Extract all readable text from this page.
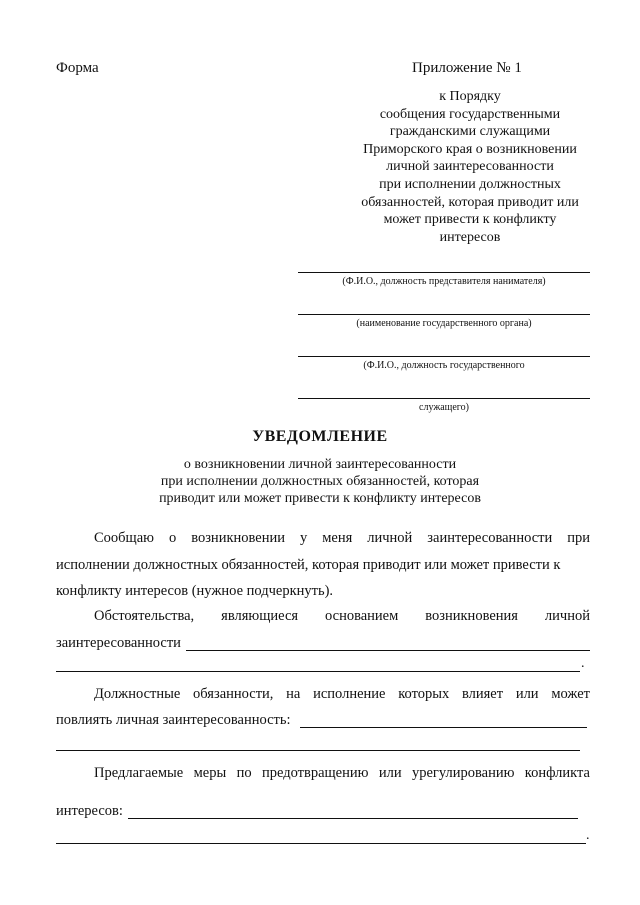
Форма	Приложение № 1
к Порядку
сообщения государственными
гражданскими служащими
Приморского края о возникновении
личной заинтересованности
при исполнении должностных
обязанностей, которая приводит или
может привести к конфликту
интересов
(Ф.И.О., должность представителя нанимателя)
(наименование государственного органа)
(Ф.И.О., должность государственного
служащего)
УВЕДОМЛЕНИЕ
о возникновении личной заинтересованности
при исполнении должностных обязанностей, которая
приводит или может привести к конфликту интересов
Сообщаю о возникновении у меня личной заинтересованности при
исполнении должностных обязанностей, которая приводит или может привести к
конфликту интересов (нужное подчеркнуть).
Обстоятельства, являющиеся основанием возникновения личной
заинтересованности
.
Должностные обязанности, на исполнение которых влияет или может
повлиять личная заинтересованность:
Предлагаемые меры по предотвращению или урегулированию конфликта
интересов:
.
